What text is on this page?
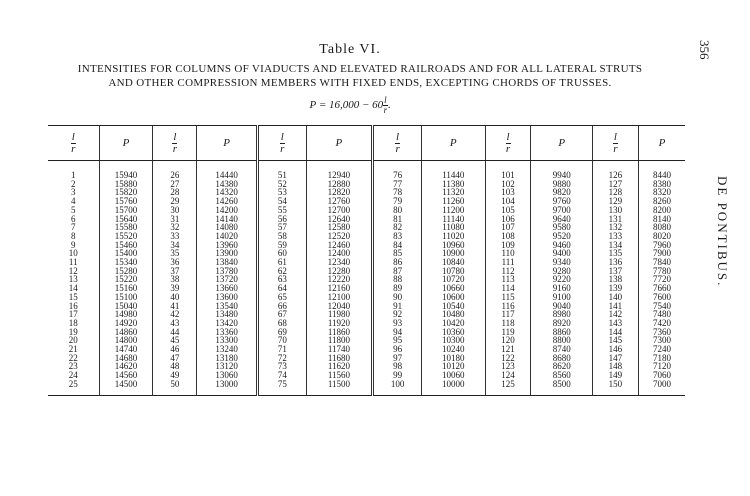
356
DE PONTIBUS.
Table VI.
INTENSITIES FOR COLUMNS OF VIADUCTS AND ELEVATED RAILROADS AND FOR ALL LATERAL STRUTS
AND OTHER COMPRESSION MEMBERS WITH FIXED ENDS, EXCEPTING CHORDS OF TRUSSES.
$P = 16,000 - 60 \frac{l}{r}$ .
$\frac{l}{r}$	P	$\frac{l}{r}$	P	$\frac{l}{r}$	P	$\frac{l}{r}$	P	$\frac{l}{r}$	P	$\frac{l}{r}$	P
1	15940	26	14440	51	12940	76	11440	101	9940	126	8440
2	15880	27	14380	52	12880	77	11380	102	9880	127	8380
3	15820	28	14320	53	12820	78	11320	103	9820	128	8320
4	15760	29	14260	54	12760	79	11260	104	9760	129	8260
5	15700	30	14200	55	12700	80	11200	105	9700	130	8200
6	15640	31	14140	56	12640	81	11140	106	9640	131	8140
7	15580	32	14080	57	12580	82	11080	107	9580	132	8080
8	15520	33	14020	58	12520	83	11020	108	9520	133	8020
9	15460	34	13960	59	12460	84	10960	109	9460	134	7960
10	15400	35	13900	60	12400	85	10900	110	9400	135	7900
11	15340	36	13840	61	12340	86	10840	111	9340	136	7840
12	15280	37	13780	62	12280	87	10780	112	9280	137	7780
13	15220	38	13720	63	12220	88	10720	113	9220	138	7720
14	15160	39	13660	64	12160	89	10660	114	9160	139	7660
15	15100	40	13600	65	12100	90	10600	115	9100	140	7600
16	15040	41	13540	66	12040	91	10540	116	9040	141	7540
17	14980	42	13480	67	11980	92	10480	117	8980	142	7480
18	14920	43	13420	68	11920	93	10420	118	8920	143	7420
19	14860	44	13360	69	11860	94	10360	119	8860	144	7360
20	14800	45	13300	70	11800	95	10300	120	8800	145	7300
21	14740	46	13240	71	11740	96	10240	121	8740	146	7240
22	14680	47	13180	72	11680	97	10180	122	8680	147	7180
23	14620	48	13120	73	11620	98	10120	123	8620	148	7120
24	14560	49	13060	74	11560	99	10060	124	8560	149	7060
25	14500	50	13000	75	11500	100	10000	125	8500	150	7000
